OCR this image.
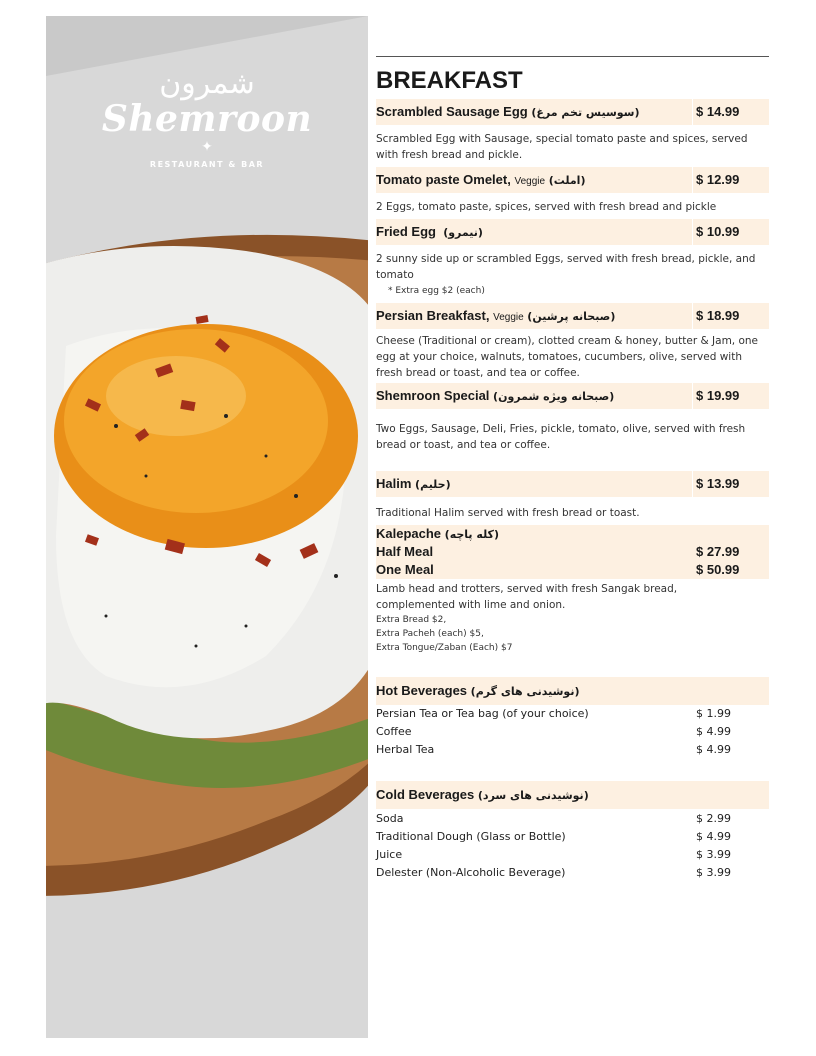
شمرون
Shemroon
✦
RESTAURANT & BAR
BREAKFAST
Scrambled Sausage Egg (سوسیس تخم مرغ)	$ 14.99
Scrambled Egg with Sausage, special tomato paste and spices, served with fresh bread and pickle.
Tomato paste Omelet, Veggie (املت)	$ 12.99
2 Eggs, tomato paste, spices, served with fresh bread and pickle
Fried Egg (نیمرو)	$ 10.99
2 sunny side up or scrambled Eggs, served with fresh bread, pickle, and tomato
* Extra egg $2 (each)
Persian Breakfast, Veggie (صبحانه پرشین)	$ 18.99
Cheese (Traditional or cream), clotted cream & honey, butter & Jam, one egg at your choice, walnuts, tomatoes, cucumbers, olive, served with fresh bread or toast, and tea or coffee.
Shemroon Special (صبحانه ویژه شمرون)	$ 19.99
Two Eggs, Sausage, Deli, Fries, pickle, tomato, olive, served with fresh bread or toast, and tea or coffee.
Halim (حلیم)	$ 13.99
Traditional Halim served with fresh bread or toast.
Kalepache (کله پاچه)
Half Meal	$ 27.99
One Meal	$ 50.99
Lamb head and trotters, served with fresh Sangak bread, complemented with lime and onion.
Extra Bread $2,
Extra Pacheh (each) $5,
Extra Tongue/Zaban (Each) $7
Hot Beverages (نوشیدنی های گرم)
Persian Tea or Tea bag (of your choice)	$ 1.99
Coffee	$ 4.99
Herbal Tea	$ 4.99
Cold Beverages (نوشیدنی های سرد)
Soda	$ 2.99
Traditional Dough (Glass or Bottle)	$ 4.99
Juice	$ 3.99
Delester (Non-Alcoholic Beverage)	$ 3.99
